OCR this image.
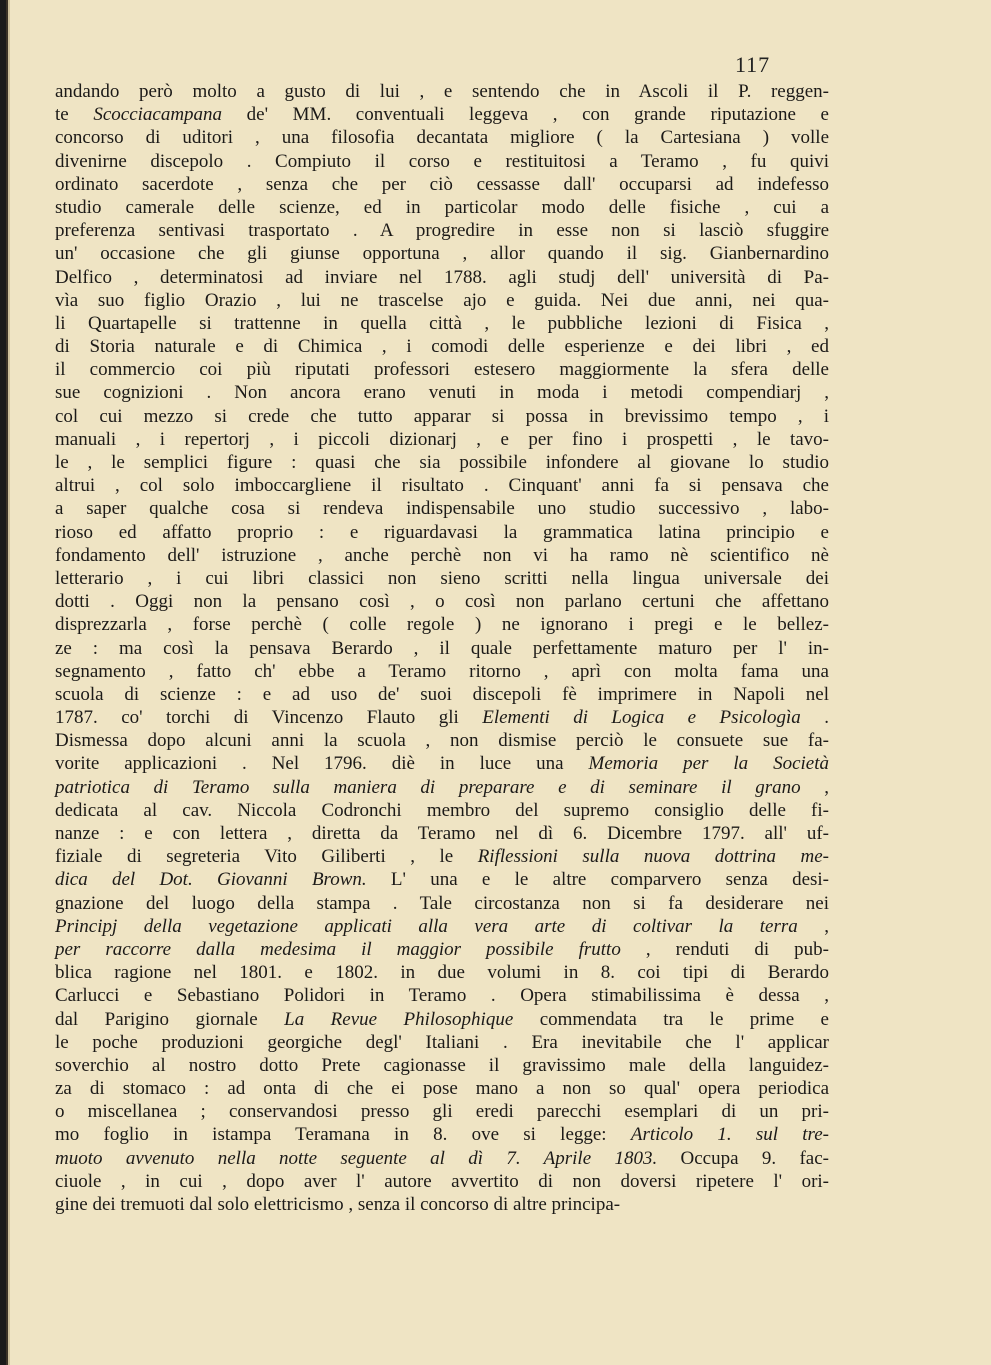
117
andando però molto a gusto di lui , e sentendo che in Ascoli il P. reggen-
te Scocciacampana de' MM. conventuali leggeva , con grande riputazione e
concorso di uditori , una filosofia decantata migliore ( la Cartesiana ) volle
divenirne discepolo . Compiuto il corso e restituitosi a Teramo , fu quivi
ordinato sacerdote , senza che per ciò cessasse dall' occuparsi ad indefesso
studio camerale delle scienze, ed in particolar modo delle fisiche , cui a
preferenza sentivasi trasportato . A progredire in esse non si lasciò sfuggire
un' occasione che gli giunse opportuna , allor quando il sig. Gianbernardino
Delfico , determinatosi ad inviare nel 1788. agli studj dell' università di Pa-
vìa suo figlio Orazio , lui ne trascelse ajo e guida. Nei due anni, nei qua-
li Quartapelle si trattenne in quella città , le pubbliche lezioni di Fisica ,
di Storia naturale e di Chimica , i comodi delle esperienze e dei libri , ed
il commercio coi più riputati professori estesero maggiormente la sfera delle
sue cognizioni . Non ancora erano venuti in moda i metodi compendiarj ,
col cui mezzo si crede che tutto apparar si possa in brevissimo tempo , i
manuali , i repertorj , i piccoli dizionarj , e per fino i prospetti , le tavo-
le , le semplici figure : quasi che sia possibile infondere al giovane lo studio
altrui , col solo imboccargliene il risultato . Cinquant' anni fa si pensava che
a saper qualche cosa si rendeva indispensabile uno studio successivo , labo-
rioso ed affatto proprio : e riguardavasi la grammatica latina principio e
fondamento dell' istruzione , anche perchè non vi ha ramo nè scientifico nè
letterario , i cui libri classici non sieno scritti nella lingua universale dei
dotti . Oggi non la pensano così , o così non parlano certuni che affettano
disprezzarla , forse perchè ( colle regole ) ne ignorano i pregi e le bellez-
ze : ma così la pensava Berardo , il quale perfettamente maturo per l' in-
segnamento , fatto ch' ebbe a Teramo ritorno , aprì con molta fama una
scuola di scienze : e ad uso de' suoi discepoli fè imprimere in Napoli nel
1787. co' torchi di Vincenzo Flauto gli Elementi di Logica e Psicologìa .
Dismessa dopo alcuni anni la scuola , non dismise perciò le consuete sue fa-
vorite applicazioni . Nel 1796. diè in luce una Memoria per la Società
patriotica di Teramo sulla maniera di preparare e di seminare il grano ,
dedicata al cav. Niccola Codronchi membro del supremo consiglio delle fi-
nanze : e con lettera , diretta da Teramo nel dì 6. Dicembre 1797. all' uf-
fiziale di segreteria Vito Giliberti , le Riflessioni sulla nuova dottrina me-
dica del Dot. Giovanni Brown. L' una e le altre comparvero senza desi-
gnazione del luogo della stampa . Tale circostanza non si fa desiderare nei
Principj della vegetazione applicati alla vera arte di coltivar la terra ,
per raccorre dalla medesima il maggior possibile frutto , renduti di pub-
blica ragione nel 1801. e 1802. in due volumi in 8. coi tipi di Berardo
Carlucci e Sebastiano Polidori in Teramo . Opera stimabilissima è dessa ,
dal Parigino giornale La Revue Philosophique commendata tra le prime e
le poche produzioni georgiche degl' Italiani . Era inevitabile che l' applicar
soverchio al nostro dotto Prete cagionasse il gravissimo male della languidez-
za di stomaco : ad onta di che ei pose mano a non so qual' opera periodica
o miscellanea ; conservandosi presso gli eredi parecchi esemplari di un pri-
mo foglio in istampa Teramana in 8. ove si legge: Articolo 1. sul tre-
muoto avvenuto nella notte seguente al dì 7. Aprile 1803. Occupa 9. fac-
ciuole , in cui , dopo aver l' autore avvertito di non doversi ripetere l' ori-
gine dei tremuoti dal solo elettricismo , senza il concorso di altre principa-
